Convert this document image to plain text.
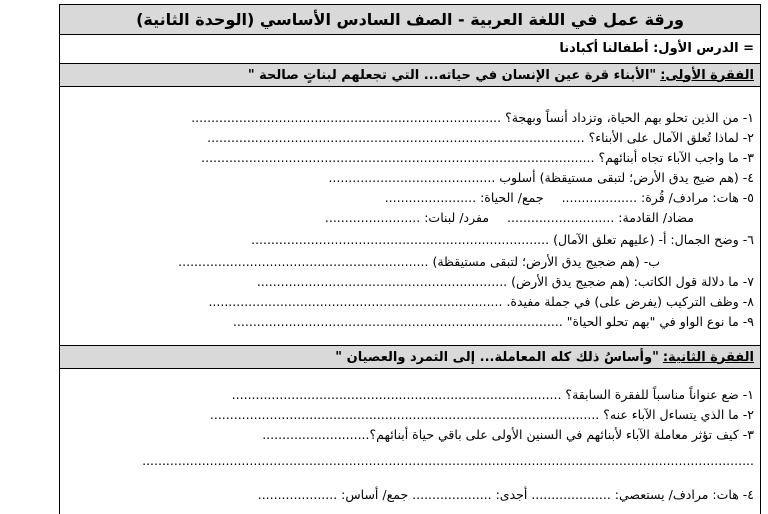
ورقة عمل في اللغة العربية - الصف السادس الأساسي (الوحدة الثانية)
= الدرس الأول: أطفالنا أكبادنا
الفقرة الأولى:
"الأبناء قرة عين الإنسان في حياته... التي تجعلهم لبناتٍ صالحة "
١- من الذين تحلو بهم الحياة، وتزداد أُنساً وبهجة؟ ..............................................................................
٢- لماذا تُعلق الآمال على الأبناء؟ ...............................................................................................
٣- ما واجب الآباء تجاه أبنائهم؟ ...................................................................................................
٤- (هم ضيج يدق الأرض؛ لتبقى مستيقظة) أسلوب ..........................................
٥- هات: مرادف/ قُرة: ...................
جمع/ الحياة: .......................
مضاد/ القادمة: ...........................
مفرد/ لبنات: ........................
٦- وضح الجمال: أ- (عليهم تعلق الآمال) ...........................................................................
ب- (هم ضجيج يدق الأرض؛ لتبقى مستيقظة) ...............................................................
٧- ما دلالة قول الكاتب: (هم ضجيج يدق الأرض) ...............................................................
٨- وظف التركيب (يفرض على) في جملة مفيدة. ..........................................................................
٩- ما نوع الواو في "بهم تحلو الحياة" ...................................................................................
الفقرة الثانية:
"وأساسُ ذلك كله المعاملة... إلى التمرد والعصيان "
١- ضع عنواناً مناسباً للفقرة السابقة؟ ...................................................................................
٢- ما الذي يتساءل الآباء عنه؟ ..................................................................................................
٣- كيف تؤثر معاملة الآباء لأبنائهم في السنين الأولى على باقي حياة أبنائهم؟...........................
..........................................................................................................................................................
٤- هات: مرادف/ يستعصي: .................... أجدى: .................... جمع/ أساس: ....................
